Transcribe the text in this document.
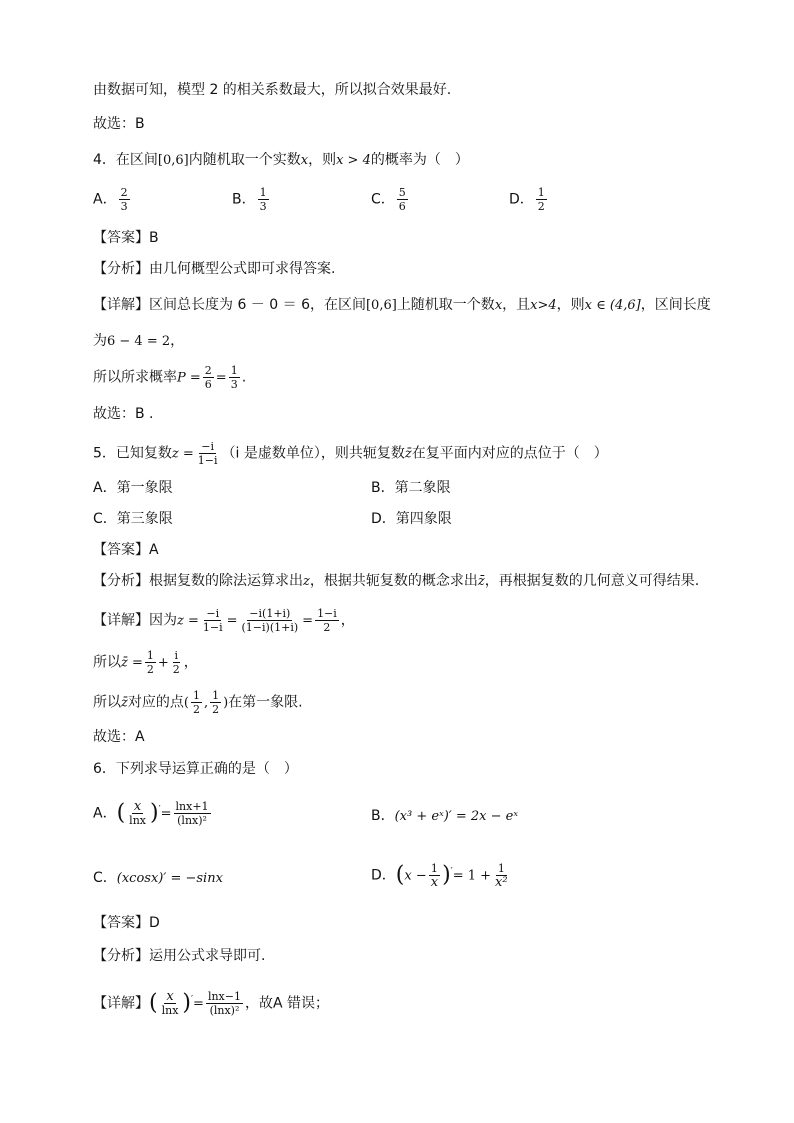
由数据可知，模型 2 的相关系数最大，所以拟合效果最好.
故选：B
4．在区间[0,6]内随机取一个实数x，则x > 4的概率为（　）
A． $\frac{2}{3}$	B． $\frac{1}{3}$	C． $\frac{5}{6}$	D． $\frac{1}{2}$
【答案】B
【分析】由几何概型公式即可求得答案.
【详解】区间总长度为 6 － 0 ＝ 6，在区间[0,6]上随机取一个数x，且x>4，则x ∈ (4,6]，区间长度
为6 − 4 = 2，
所以所求概率$P = \frac{2}{6} = \frac{1}{3}$ .
故选：B .
5．已知复数$z = \frac{-i}{1-i} (i$ 是虚数单位），则共轭复数z̄在复平面内对应的点位于（　）
A．第一象限	B．第二象限
C．第三象限	D．第四象限
【答案】A
【分析】根据复数的除法运算求出z，根据共轭复数的概念求出z̄，再根据复数的几何意义可得结果.
【详解】因为$z = \frac{-i}{1-i} = \frac{-i(1+i)}{(1-i)(1+i)} = \frac{1-i}{2}$ ，
所以z̄ = $\frac{1}{2} + \frac{i}{2}$ ，
所以z̄对应的点( $\frac{1}{2}$ , $\frac{1}{2}$ )在第一象限.
故选：A
6．下列求导运算正确的是（　）
A．( $\frac{x}{\ln x} )'= \frac{\ln x+1}{\text{(lnx)²}}$	B．(x³ + eˣ)′ = 2x − eˣ
C．(xcosx)′ = −sinx	D．$(x - \frac{1}{x} )'= 1 + \frac{1}{\text{x²}}$
【答案】D
【分析】运用公式求导即可.
【详解】( $\frac{x}{\ln x} )'= \frac{\ln x-1}{\text{(lnx)²}}$ ，故A 错误；
